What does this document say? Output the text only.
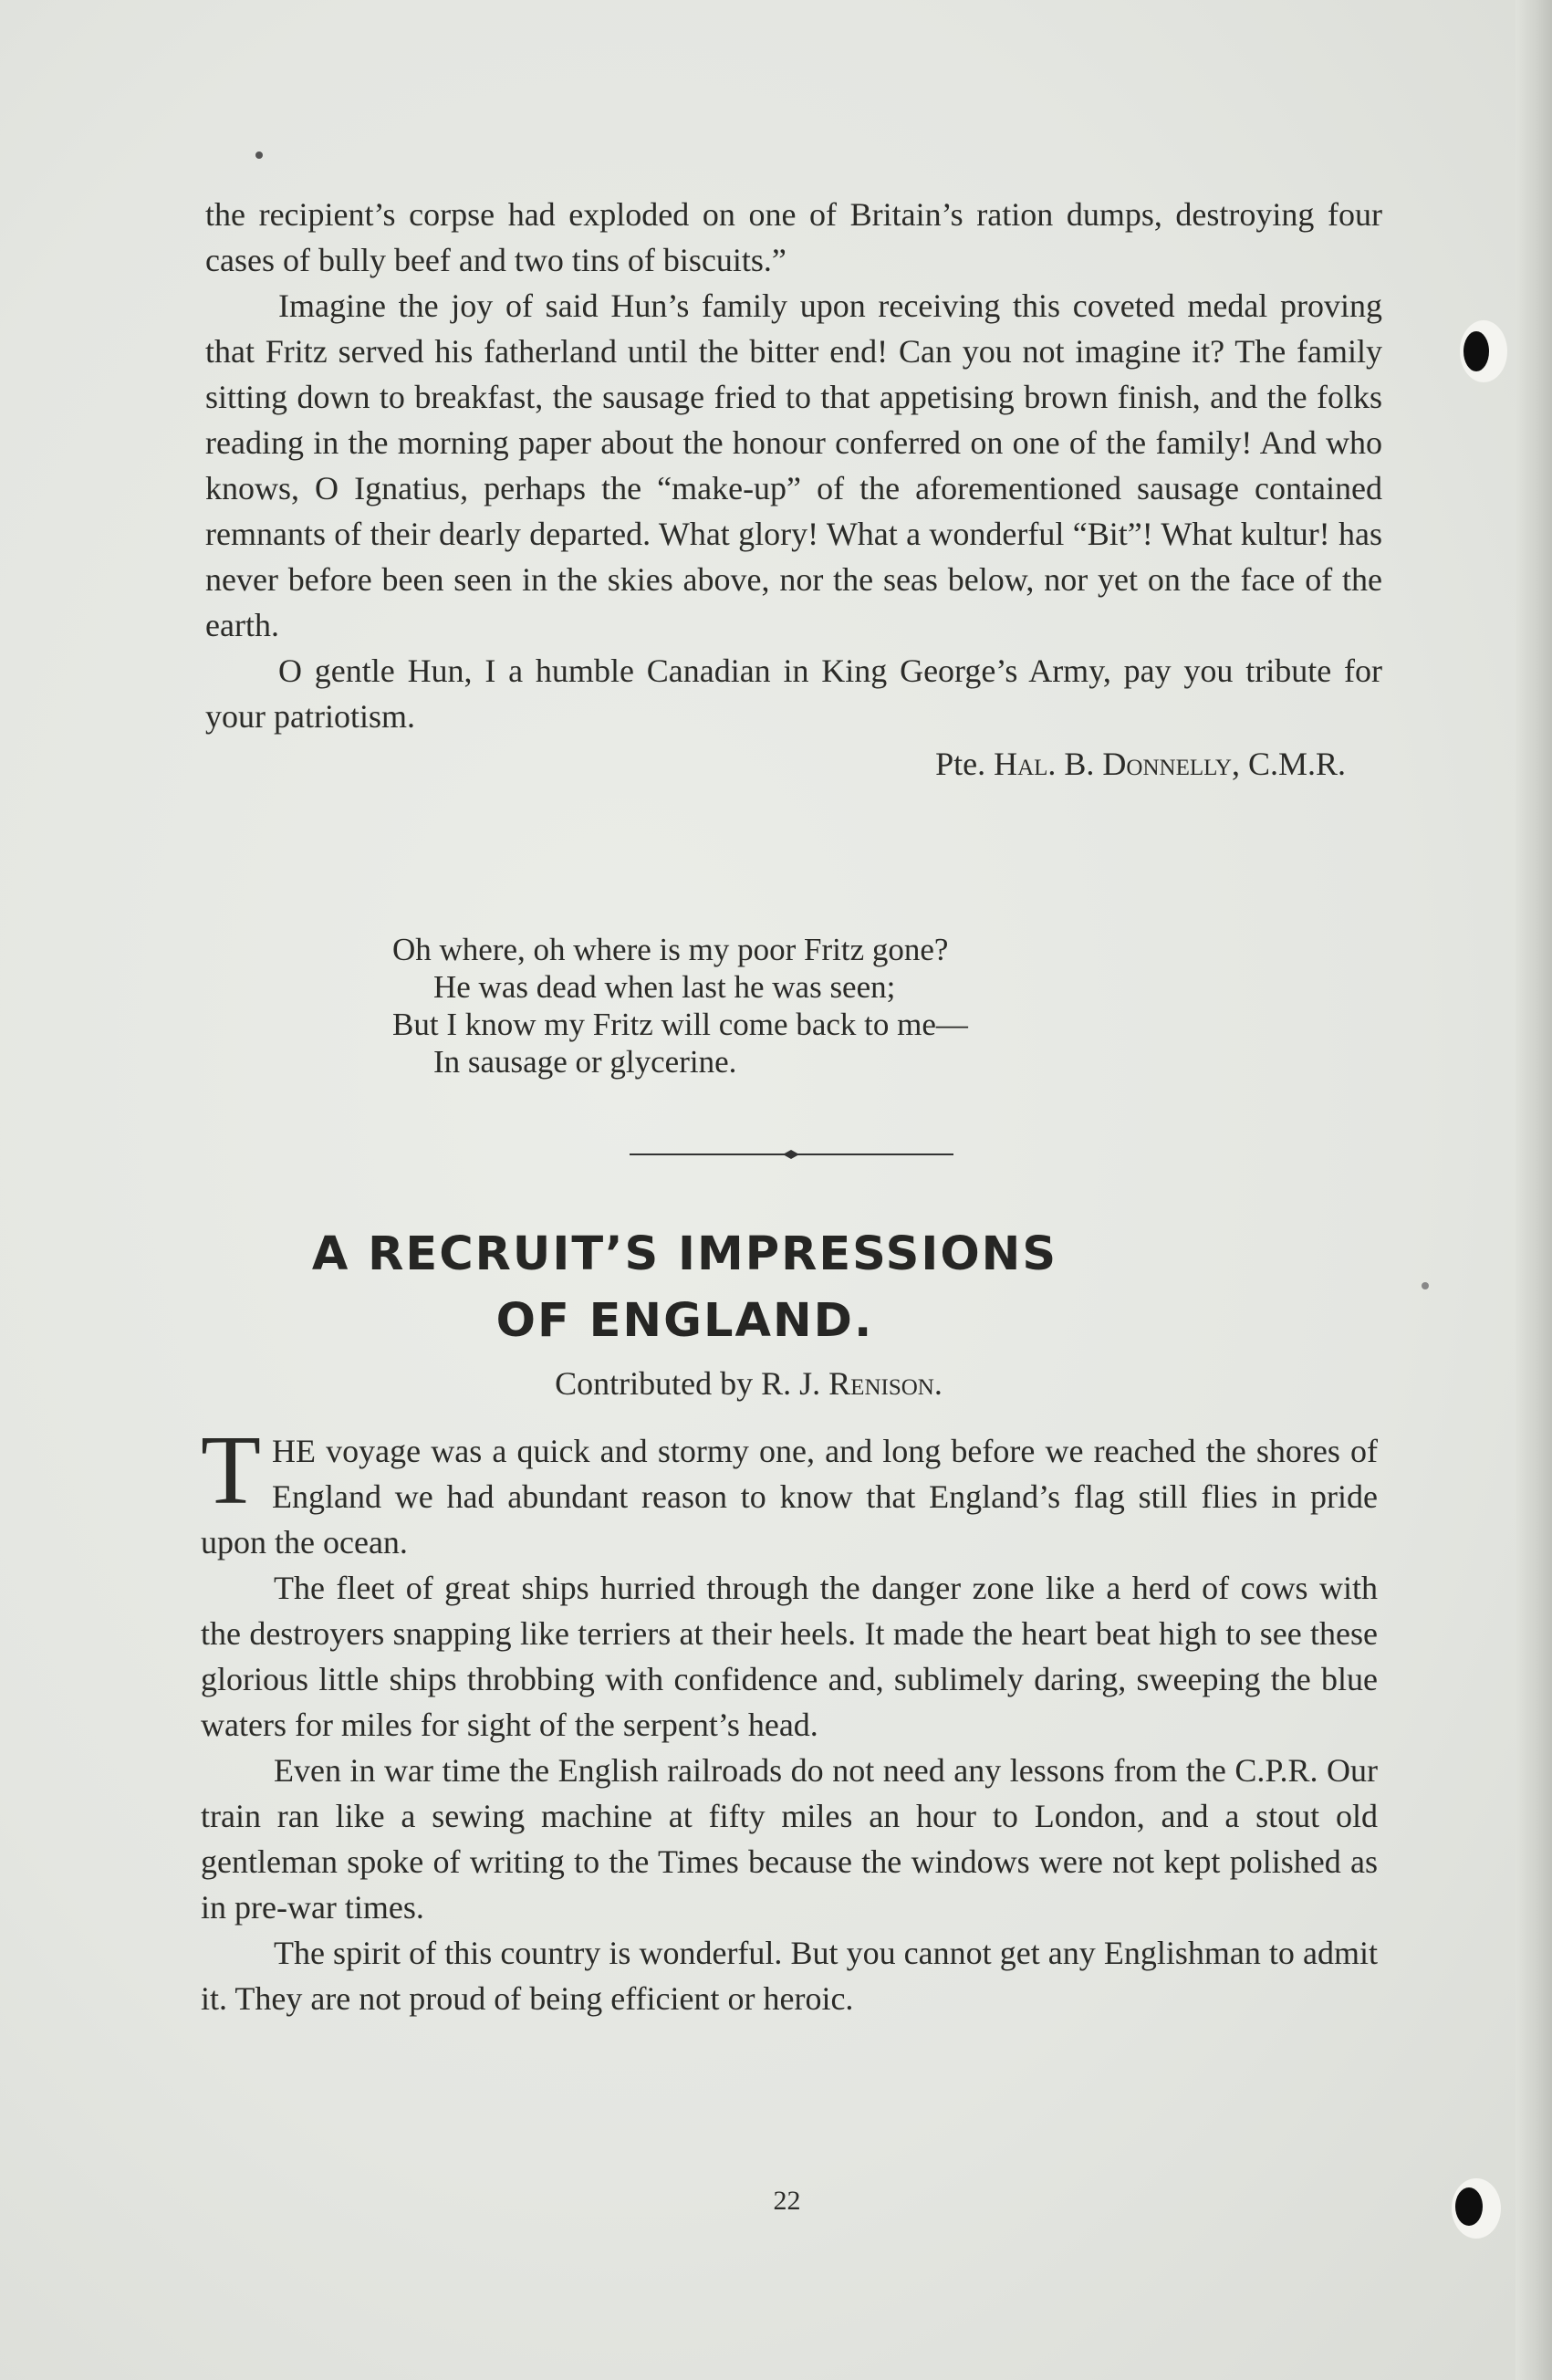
the recipient’s corpse had exploded on one of Britain’s ration dumps, destroying four cases of bully beef and two tins of biscuits.”

Imagine the joy of said Hun’s family upon receiving this coveted medal proving that Fritz served his fatherland until the bitter end! Can you not imagine it? The family sitting down to breakfast, the sausage fried to that appetising brown finish, and the folks reading in the morning paper about the honour conferred on one of the family! And who knows, O Ignatius, perhaps the “make-up” of the aforementioned sausage contained remnants of their dearly departed. What glory! What a wonderful “Bit”! What kultur! has never before been seen in the skies above, nor the seas below, nor yet on the face of the earth.

O gentle Hun, I a humble Canadian in King George’s Army, pay you tribute for your patriotism.

Pte. Hal. B. Donnelly, C.M.R.

Oh where, oh where is my poor Fritz gone?
He was dead when last he was seen;
But I know my Fritz will come back to me—
In sausage or glycerine.
A RECRUIT’S IMPRESSIONS
OF ENGLAND.
Contributed by R. J. Renison.

THE voyage was a quick and stormy one, and long before we reached the shores of England we had abundant reason to know that England’s flag still flies in pride upon the ocean.

The fleet of great ships hurried through the danger zone like a herd of cows with the destroyers snapping like terriers at their heels. It made the heart beat high to see these glorious little ships throbbing with confidence and, sublimely daring, sweeping the blue waters for miles for sight of the serpent’s head.

Even in war time the English railroads do not need any lessons from the C.P.R. Our train ran like a sewing machine at fifty miles an hour to London, and a stout old gentleman spoke of writing to the Times because the windows were not kept polished as in pre-war times.

The spirit of this country is wonderful. But you cannot get any Englishman to admit it. They are not proud of being efficient or heroic.

22
